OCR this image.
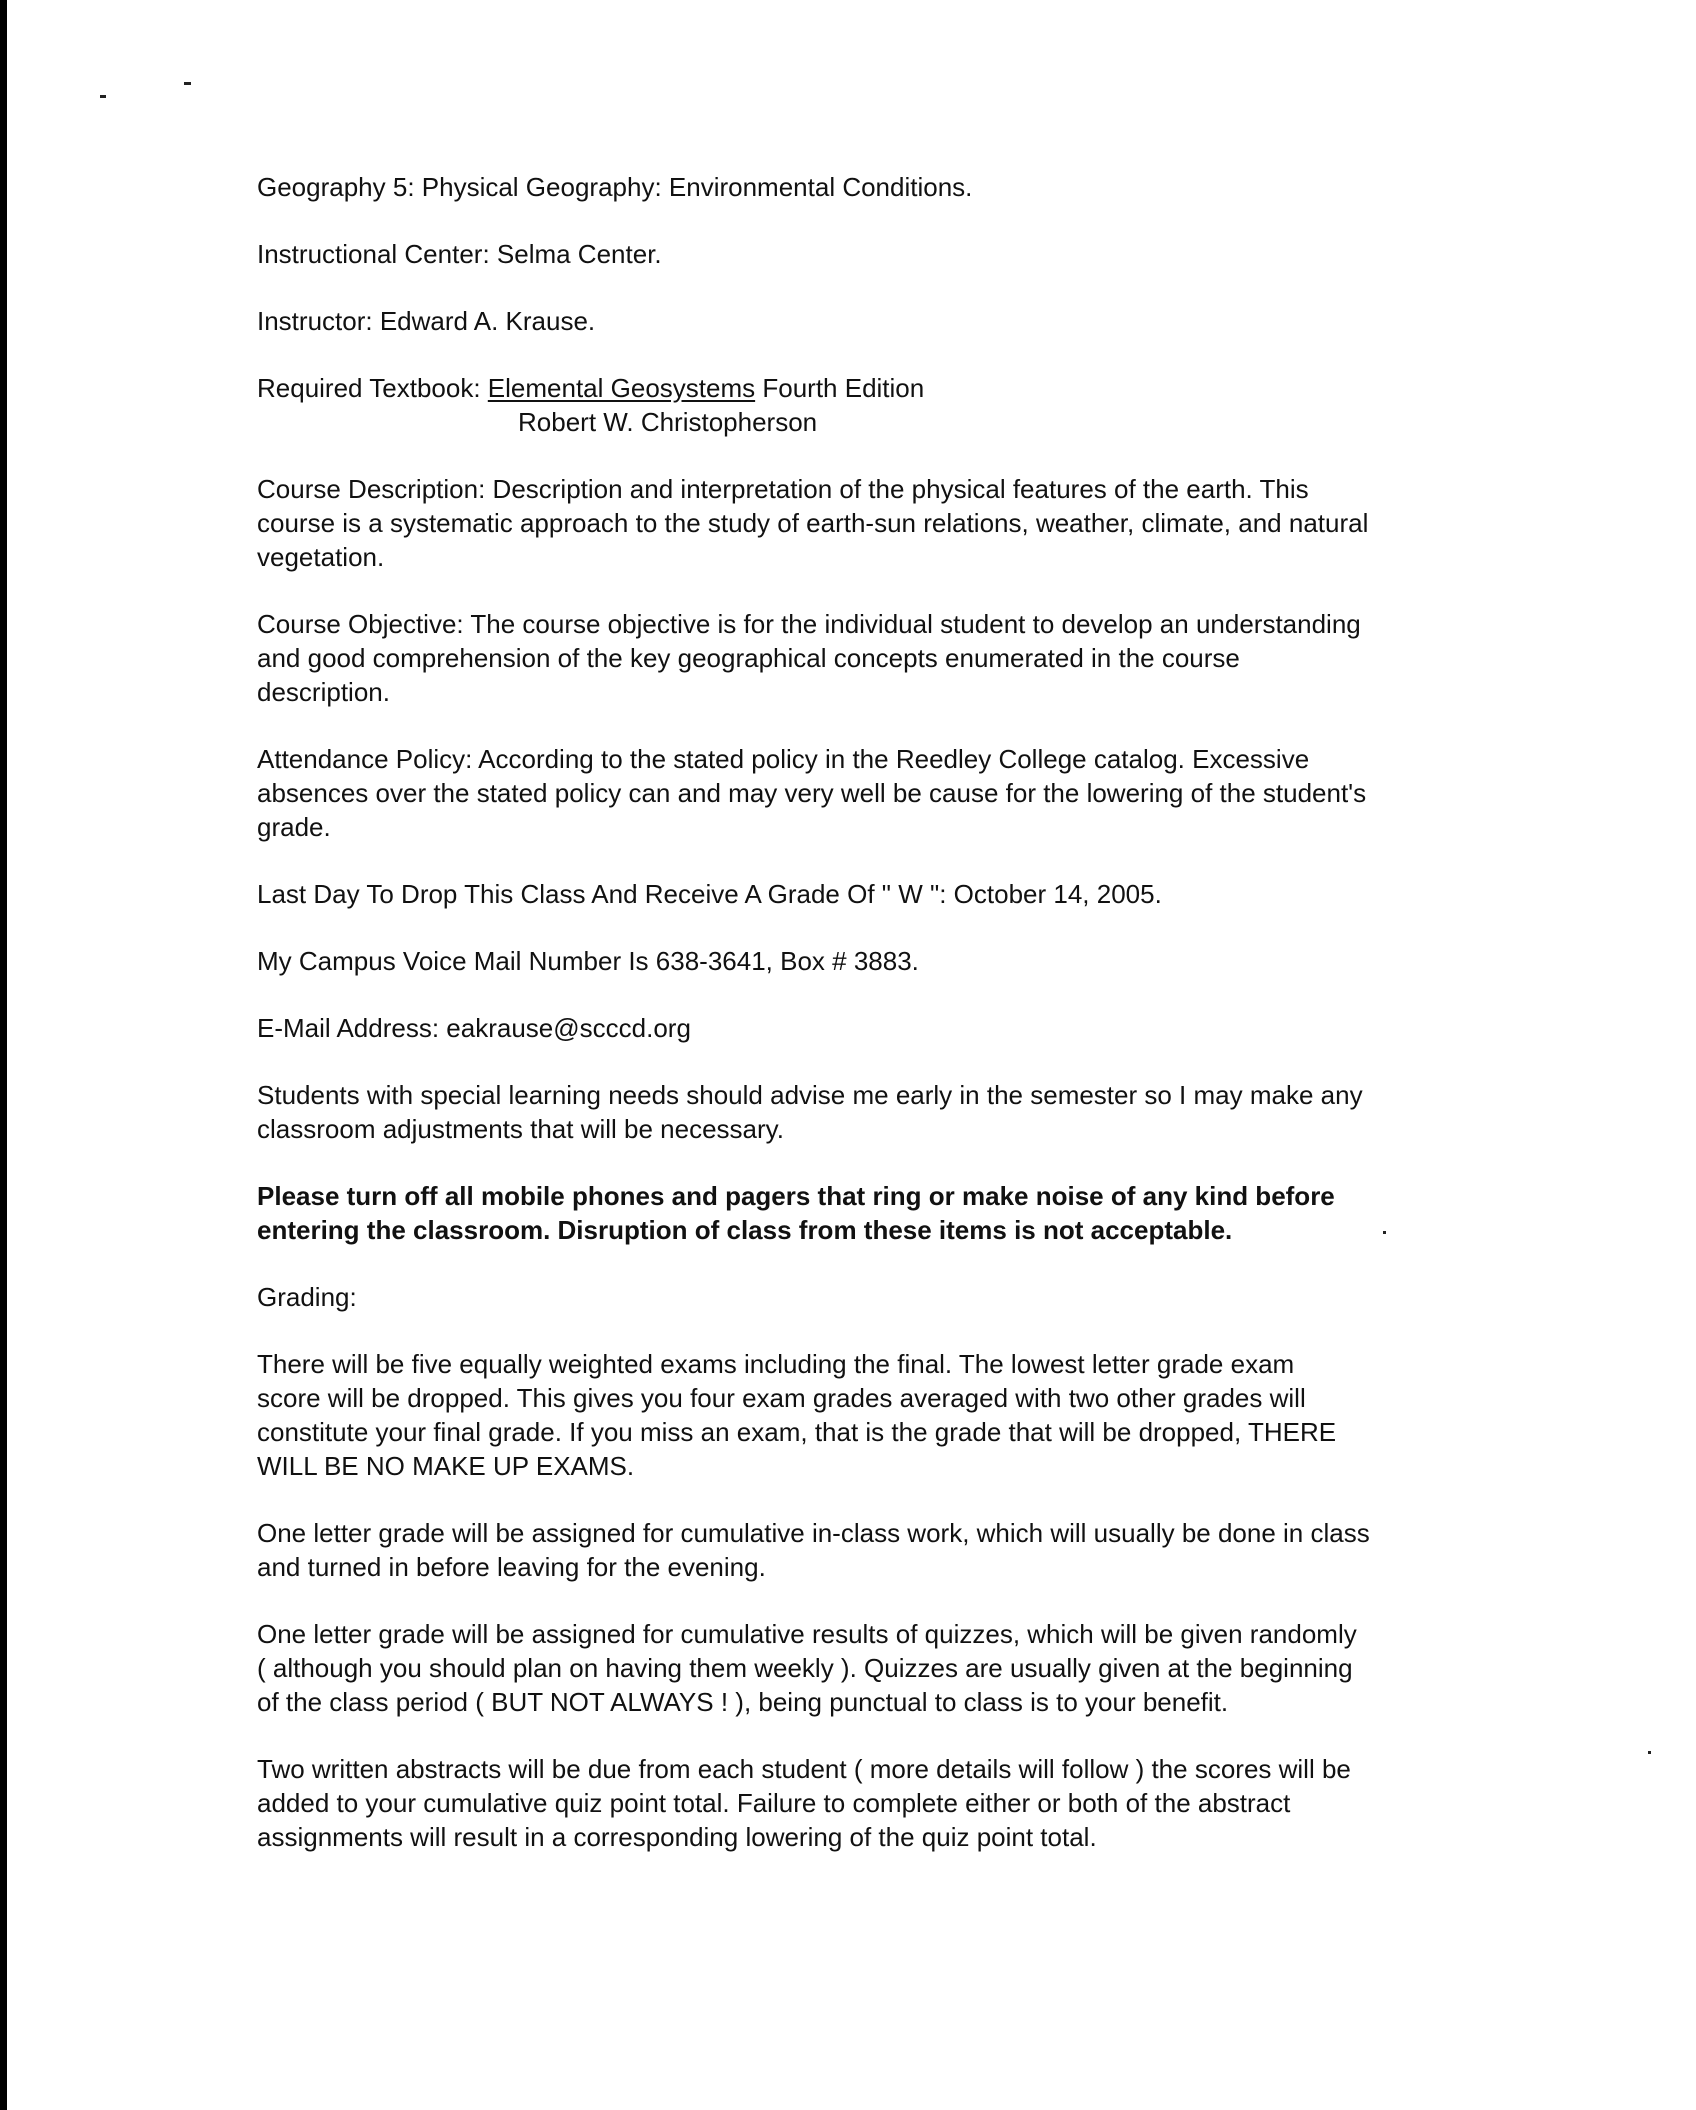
Geography 5: Physical Geography: Environmental Conditions.

Instructional Center: Selma Center.

Instructor: Edward A. Krause.

Required Textbook: Elemental Geosystems Fourth Edition
Robert W. Christopherson

Course Description: Description and interpretation of the physical features of the earth. This
course is a systematic approach to the study of earth-sun relations, weather, climate, and natural
vegetation.

Course Objective: The course objective is for the individual student to develop an understanding
and good comprehension of the key geographical concepts enumerated in the course
description.

Attendance Policy: According to the stated policy in the Reedley College catalog. Excessive
absences over the stated policy can and may very well be cause for the lowering of the student's
grade.

Last Day To Drop This Class And Receive A Grade Of " W ": October 14, 2005.

My Campus Voice Mail Number Is 638-3641, Box # 3883.

E-Mail Address: eakrause@scccd.org

Students with special learning needs should advise me early in the semester so I may make any
classroom adjustments that will be necessary.

Please turn off all mobile phones and pagers that ring or make noise of any kind before
entering the classroom. Disruption of class from these items is not acceptable.

Grading:

There will be five equally weighted exams including the final. The lowest letter grade exam
score will be dropped. This gives you four exam grades averaged with two other grades will
constitute your final grade. If you miss an exam, that is the grade that will be dropped, THERE
WILL BE NO MAKE UP EXAMS.

One letter grade will be assigned for cumulative in-class work, which will usually be done in class
and turned in before leaving for the evening.

One letter grade will be assigned for cumulative results of quizzes, which will be given randomly
( although you should plan on having them weekly ). Quizzes are usually given at the beginning
of the class period ( BUT NOT ALWAYS ! ), being punctual to class is to your benefit.

Two written abstracts will be due from each student ( more details will follow ) the scores will be
added to your cumulative quiz point total. Failure to complete either or both of the abstract
assignments will result in a corresponding lowering of the quiz point total.
